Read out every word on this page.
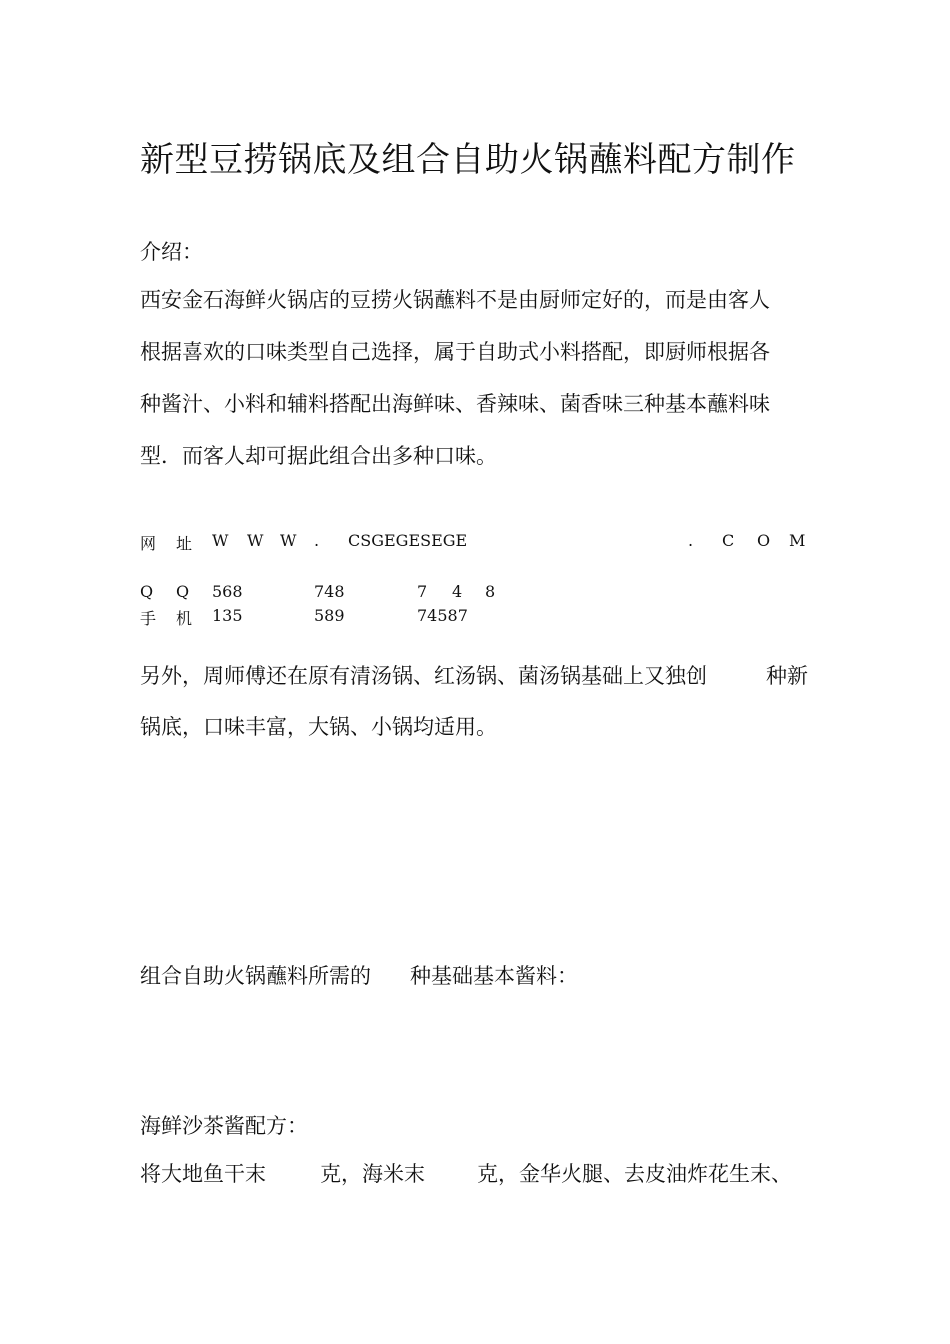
新型豆捞锅底及组合自助火锅蘸料配方制作
介绍：
西安金石海鲜火锅店的豆捞火锅蘸料不是由厨师定好的，而是由客人
根据喜欢的口味类型自己选择，属于自助式小料搭配，即厨师根据各
种酱汁、小料和辅料搭配出海鲜味、香辣味、菌香味三种基本蘸料味
型．而客人却可据此组合出多种口味。
网 址 W W W . CSGEGESEGE	. C O M
Q Q 568	748	7 4 8
手 机 135	589	74587
另外，周师傅还在原有清汤锅、红汤锅、菌汤锅基础上又独创	种新
锅底，口味丰富，大锅、小锅均适用。
组合自助火锅蘸料所需的 种基础基本酱料：
海鲜沙茶酱配方：
将大地鱼干末	克，海米末 克，金华火腿、去皮油炸花生末、
